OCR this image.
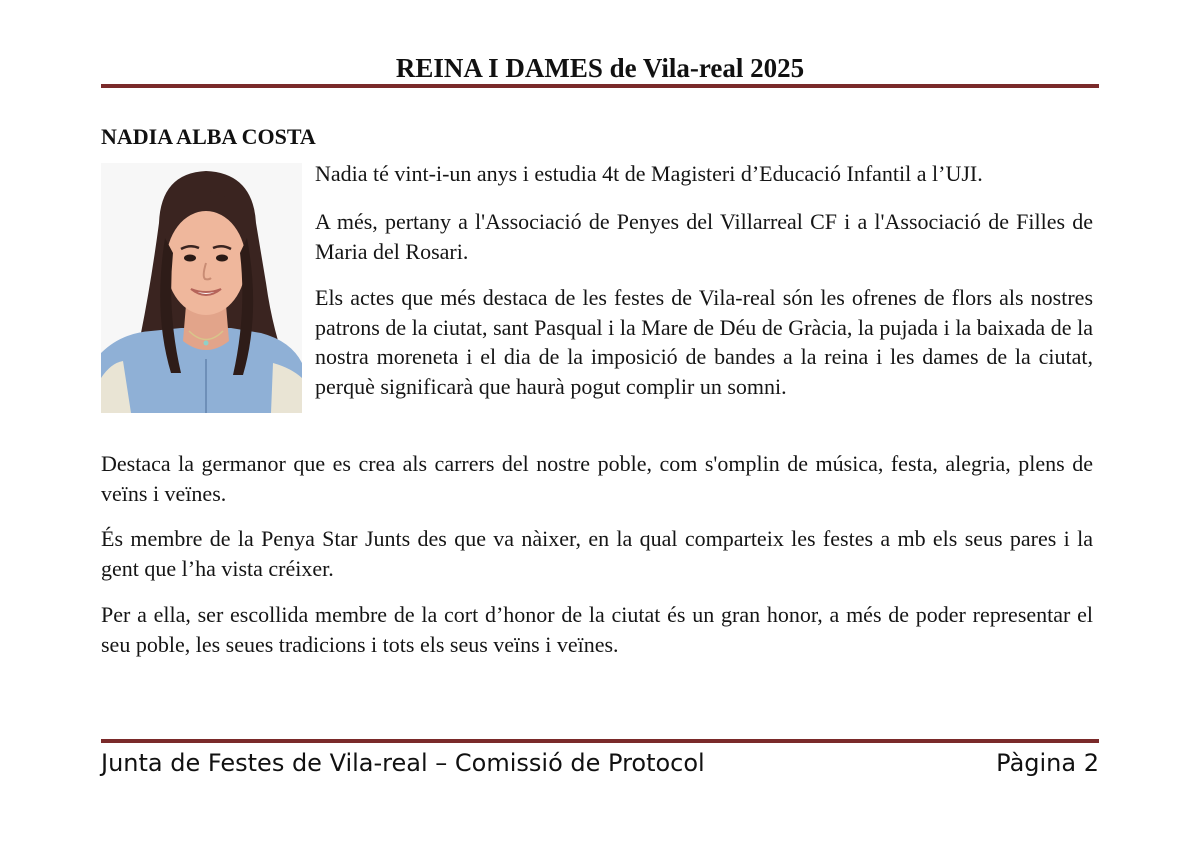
REINA I DAMES de Vila-real 2025
NADIA ALBA COSTA

Nadia té vint-i-un anys i estudia 4t de Magisteri d’Educació Infantil a l’UJI.

A més, pertany a l'Associació de Penyes del Villarreal CF i a l'Associació de Filles de Maria del Rosari.

Els actes que més destaca de les festes de Vila-real són les ofrenes de flors als nostres patrons de la ciutat, sant Pasqual i la Mare de Déu de Gràcia, la pujada i la baixada de la nostra moreneta i el dia de la imposició de bandes a la reina i les dames de la ciutat, perquè significarà que haurà pogut complir un somni.

Destaca la germanor que es crea als carrers del nostre poble, com s'omplin de música, festa, alegria, plens de veïns i veïnes.

És membre de la Penya Star Junts des que va nàixer, en la qual comparteix les festes a mb els seus pares i la gent que l’ha vista créixer.

Per a ella, ser escollida membre de la cort d’honor de la ciutat és un gran honor, a més de poder representar el seu poble, les seues tradicions i tots els seus veïns i veïnes.

Junta de Festes de Vila-real – Comissió de Protocol	Pàgina 2
